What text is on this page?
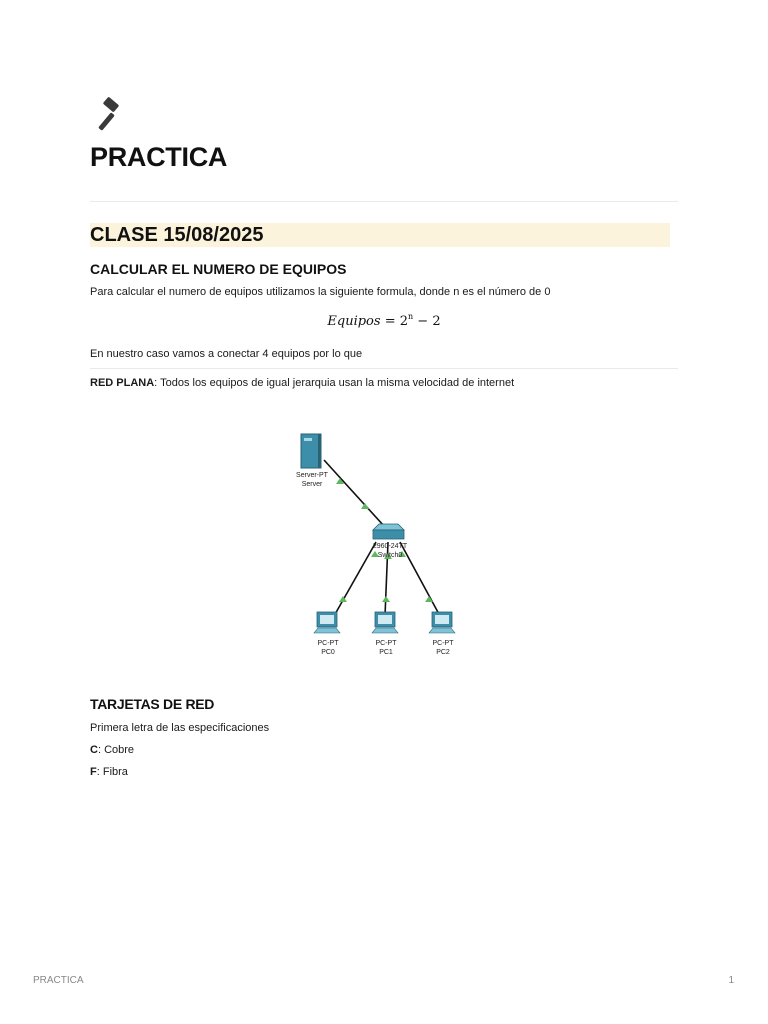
PRACTICA
CLASE 15/08/2025
CALCULAR EL NUMERO DE EQUIPOS

Para calcular el numero de equipos utilizamos la siguiente formula, donde n es el número de 0

Equipos = $2^n - 2$

En nuestro caso vamos a conectar 4 equipos por lo que

RED PLANA: Todos los equipos de igual jerarquia usan la misma velocidad de internet

Server-PT
Server
2960-24TT
Switch0
PC-PT
PC0
PC-PT
PC1
PC-PT
PC2
TARJETAS DE RED

Primera letra de las especificaciones

C: Cobre

F: Fibra

PRACTICA	1
